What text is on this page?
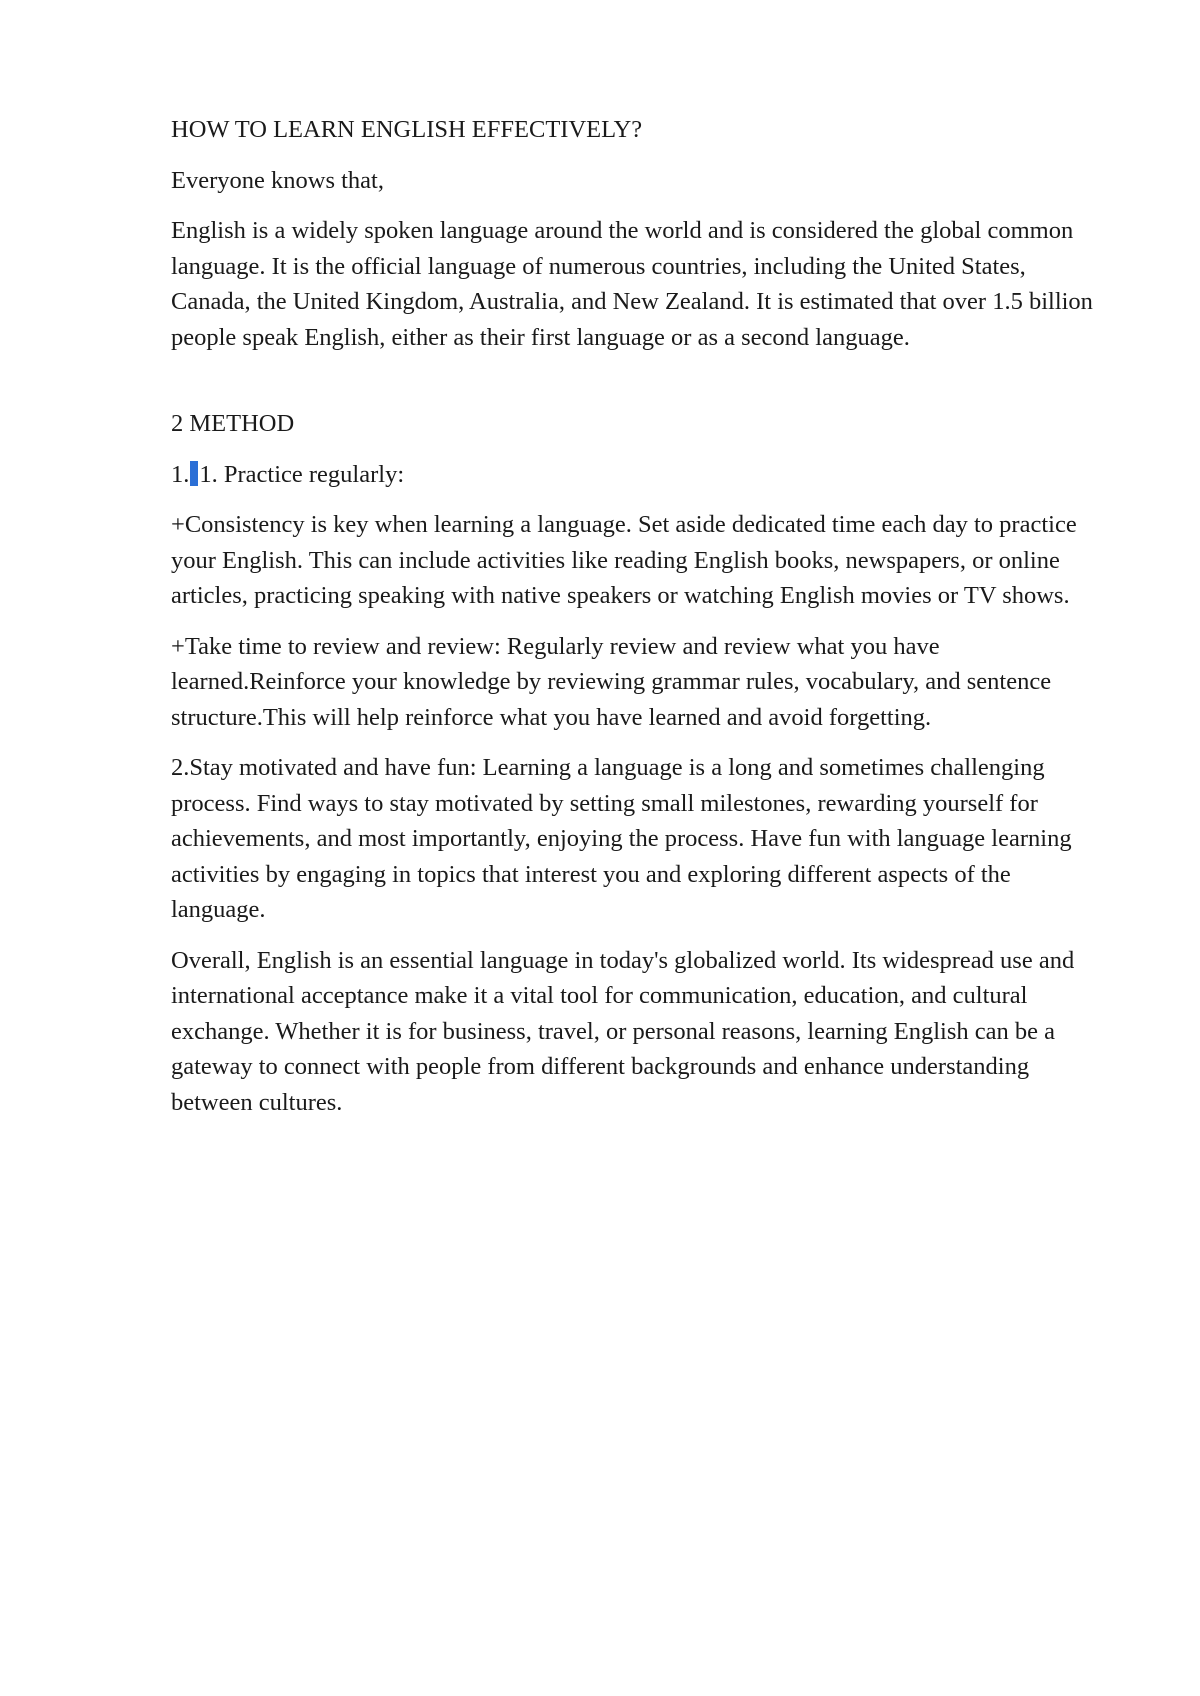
HOW TO LEARN ENGLISH EFFECTIVELY?

Everyone knows that,

English is a widely spoken language around the world and is considered the global common language. It is the official language of numerous countries, including the United States, Canada, the United Kingdom, Australia, and New Zealand. It is estimated that over 1.5 billion people speak English, either as their first language or as a second language.

2 METHOD

1. 1. Practice regularly:

+Consistency is key when learning a language. Set aside dedicated time each day to practice your English. This can include activities like reading English books, newspapers, or online articles, practicing speaking with native speakers or watching English movies or TV shows.

+Take time to review and review: Regularly review and review what you have learned.Reinforce your knowledge by reviewing grammar rules, vocabulary, and sentence structure.This will help reinforce what you have learned and avoid forgetting.

2.Stay motivated and have fun: Learning a language is a long and sometimes challenging process. Find ways to stay motivated by setting small milestones, rewarding yourself for achievements, and most importantly, enjoying the process. Have fun with language learning activities by engaging in topics that interest you and exploring different aspects of the language.

Overall, English is an essential language in today's globalized world. Its widespread use and international acceptance make it a vital tool for communication, education, and cultural exchange. Whether it is for business, travel, or personal reasons, learning English can be a gateway to connect with people from different backgrounds and enhance understanding between cultures.
